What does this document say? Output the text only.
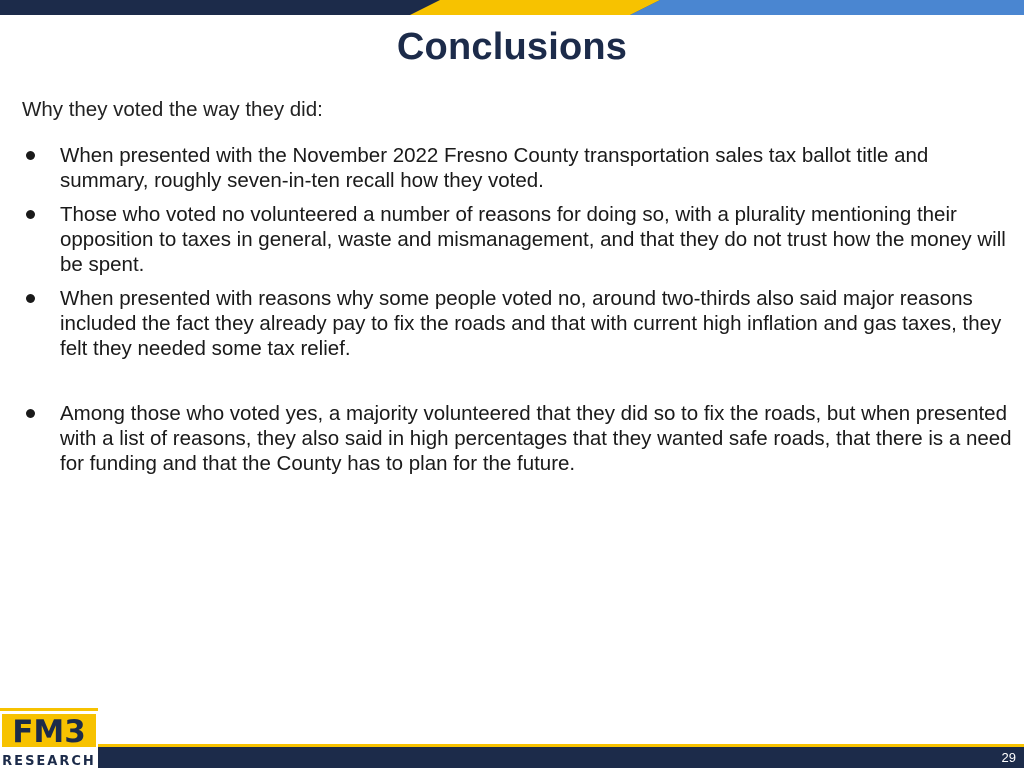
Conclusions
Why they voted the way they did:
When presented with the November 2022 Fresno County transportation sales tax ballot title and summary, roughly seven-in-ten recall how they voted.
Those who voted no volunteered a number of reasons for doing so, with a plurality mentioning their opposition to taxes in general, waste and mismanagement, and that they do not trust how the money will be spent.
When presented with reasons why some people voted no, around two-thirds also said major reasons included the fact they already pay to fix the roads and that with current high inflation and gas taxes, they felt they needed some tax relief.
Among those who voted yes, a majority volunteered that they did so to fix the roads, but when presented with a list of reasons, they also said in high percentages that they wanted safe roads, that there is a need for funding and that the County has to plan for the future.
29
FM3
RESEARCH
